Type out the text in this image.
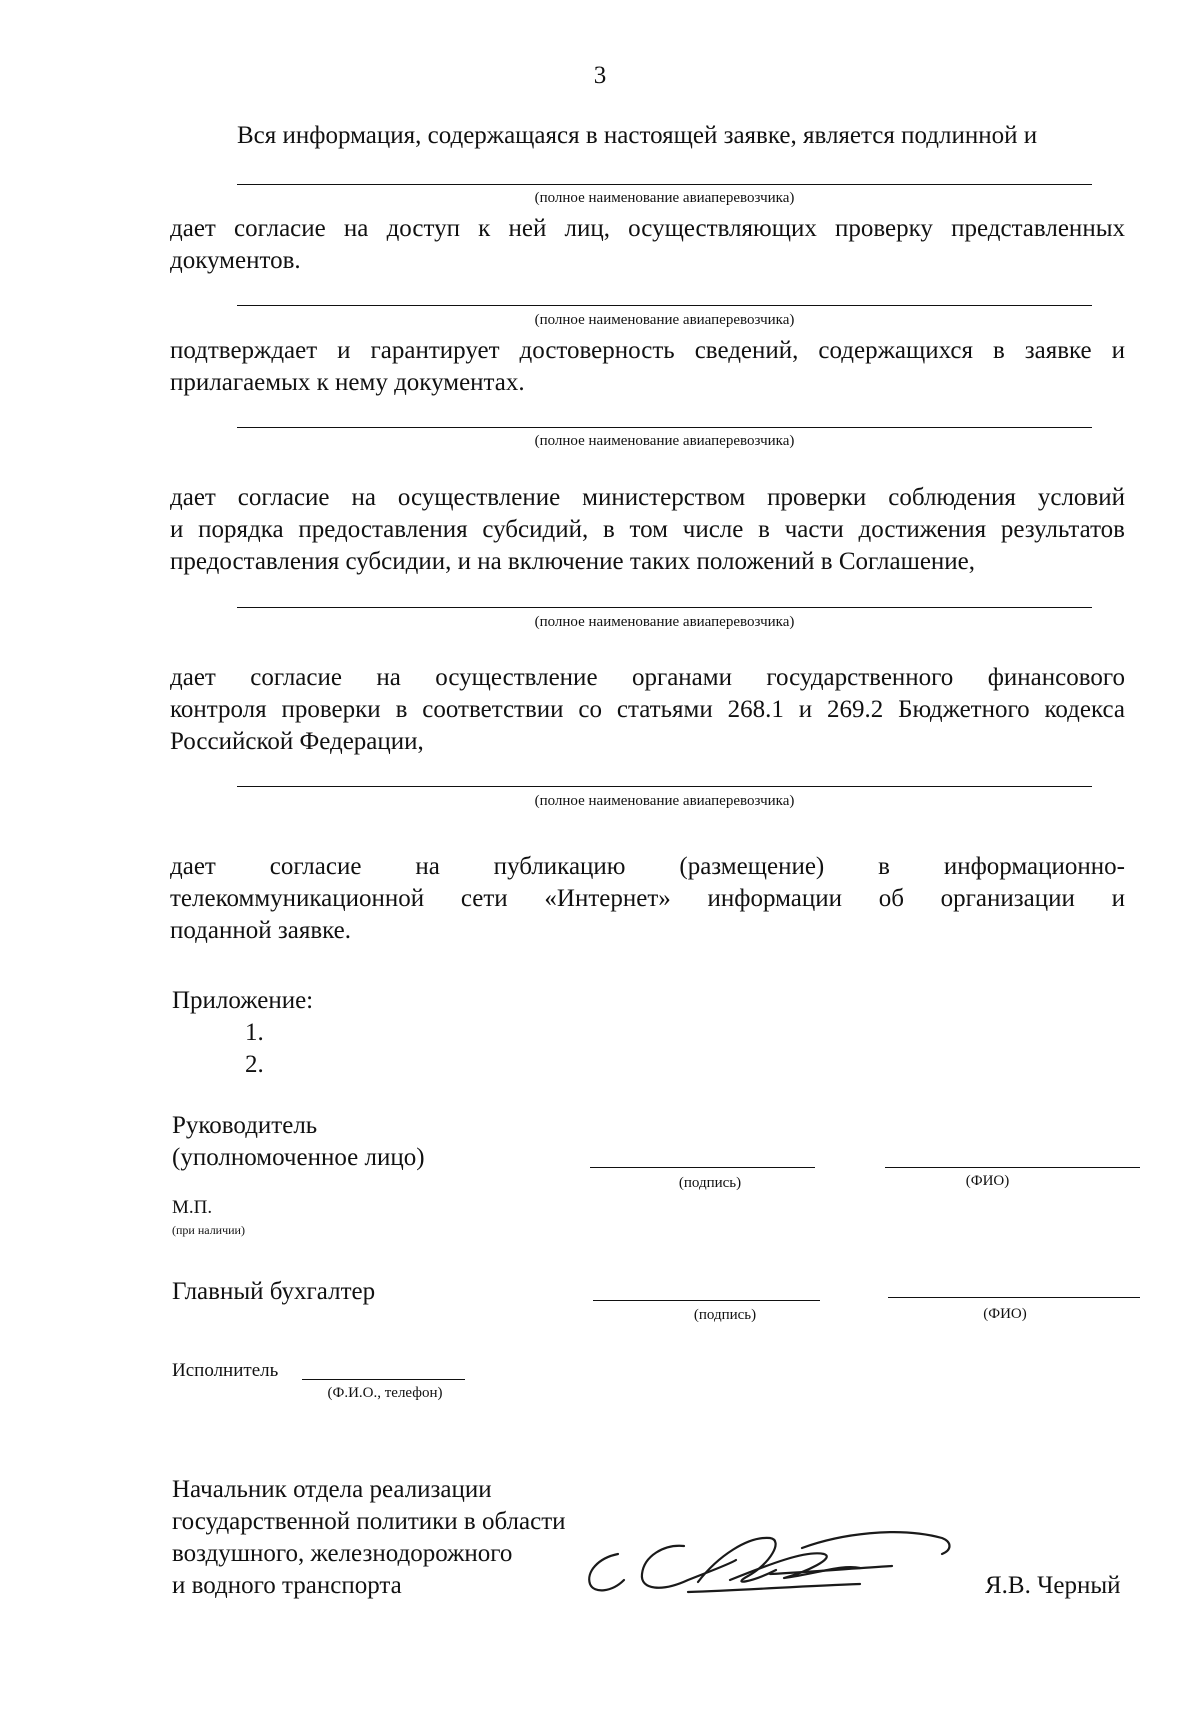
3
Вся информация, содержащаяся в настоящей заявке, является подлинной и
(полное наименование авиаперевозчика)
дает согласие на доступ к ней лиц, осуществляющих проверку представленных
документов.
(полное наименование авиаперевозчика)
подтверждает и гарантирует достоверность сведений, содержащихся в заявке и
прилагаемых к нему документах.
(полное наименование авиаперевозчика)
дает согласие на осуществление министерством проверки соблюдения условий
и порядка предоставления субсидий, в том числе в части достижения результатов
предоставления субсидии, и на включение таких положений в Соглашение,
(полное наименование авиаперевозчика)
дает согласие на осуществление органами государственного финансового
контроля проверки в соответствии со статьями 268.1 и 269.2 Бюджетного кодекса
Российской Федерации,
(полное наименование авиаперевозчика)
дает согласие на публикацию (размещение) в информационно-
телекоммуникационной сети «Интернет» информации об организации и
поданной заявке.
Приложение:
1.
2.
Руководитель
(уполномоченное лицо)
(подпись)	(ФИО)
М.П.
(при наличии)
Главный бухгалтер
(подпись)	(ФИО)
Исполнитель
(Ф.И.О., телефон)
Начальник отдела реализации
государственной политики в области
воздушного, железнодорожного
и водного транспорта	Я.В. Черный
